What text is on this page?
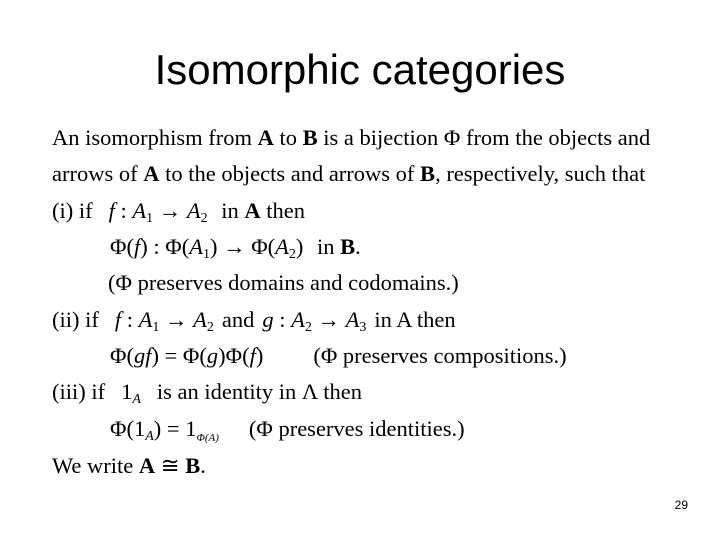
Isomorphic categories
An isomorphism from A to B is a bijection Φ from the objects and
arrows of A to the objects and arrows of B, respectively, such that
(i) if f : $A_1 \to A_2$ in A then
Φ(f) : $\Phi(A_1) \to \Phi(A_2)$ in B.
(Φ preserves domains and codomains.)
(ii) if f : $A_1 \to A_2$ and g : $A_2 \to A_3$ in A then
Φ(gf) = Φ(g)Φ(f) (Φ preserves compositions.)
(iii) if $1_A$ is an identity in Λ then
$\Phi(1_A) = 1_{\Phi(A)}$ (Φ preserves identities.)
We write A ≅ B.
29
